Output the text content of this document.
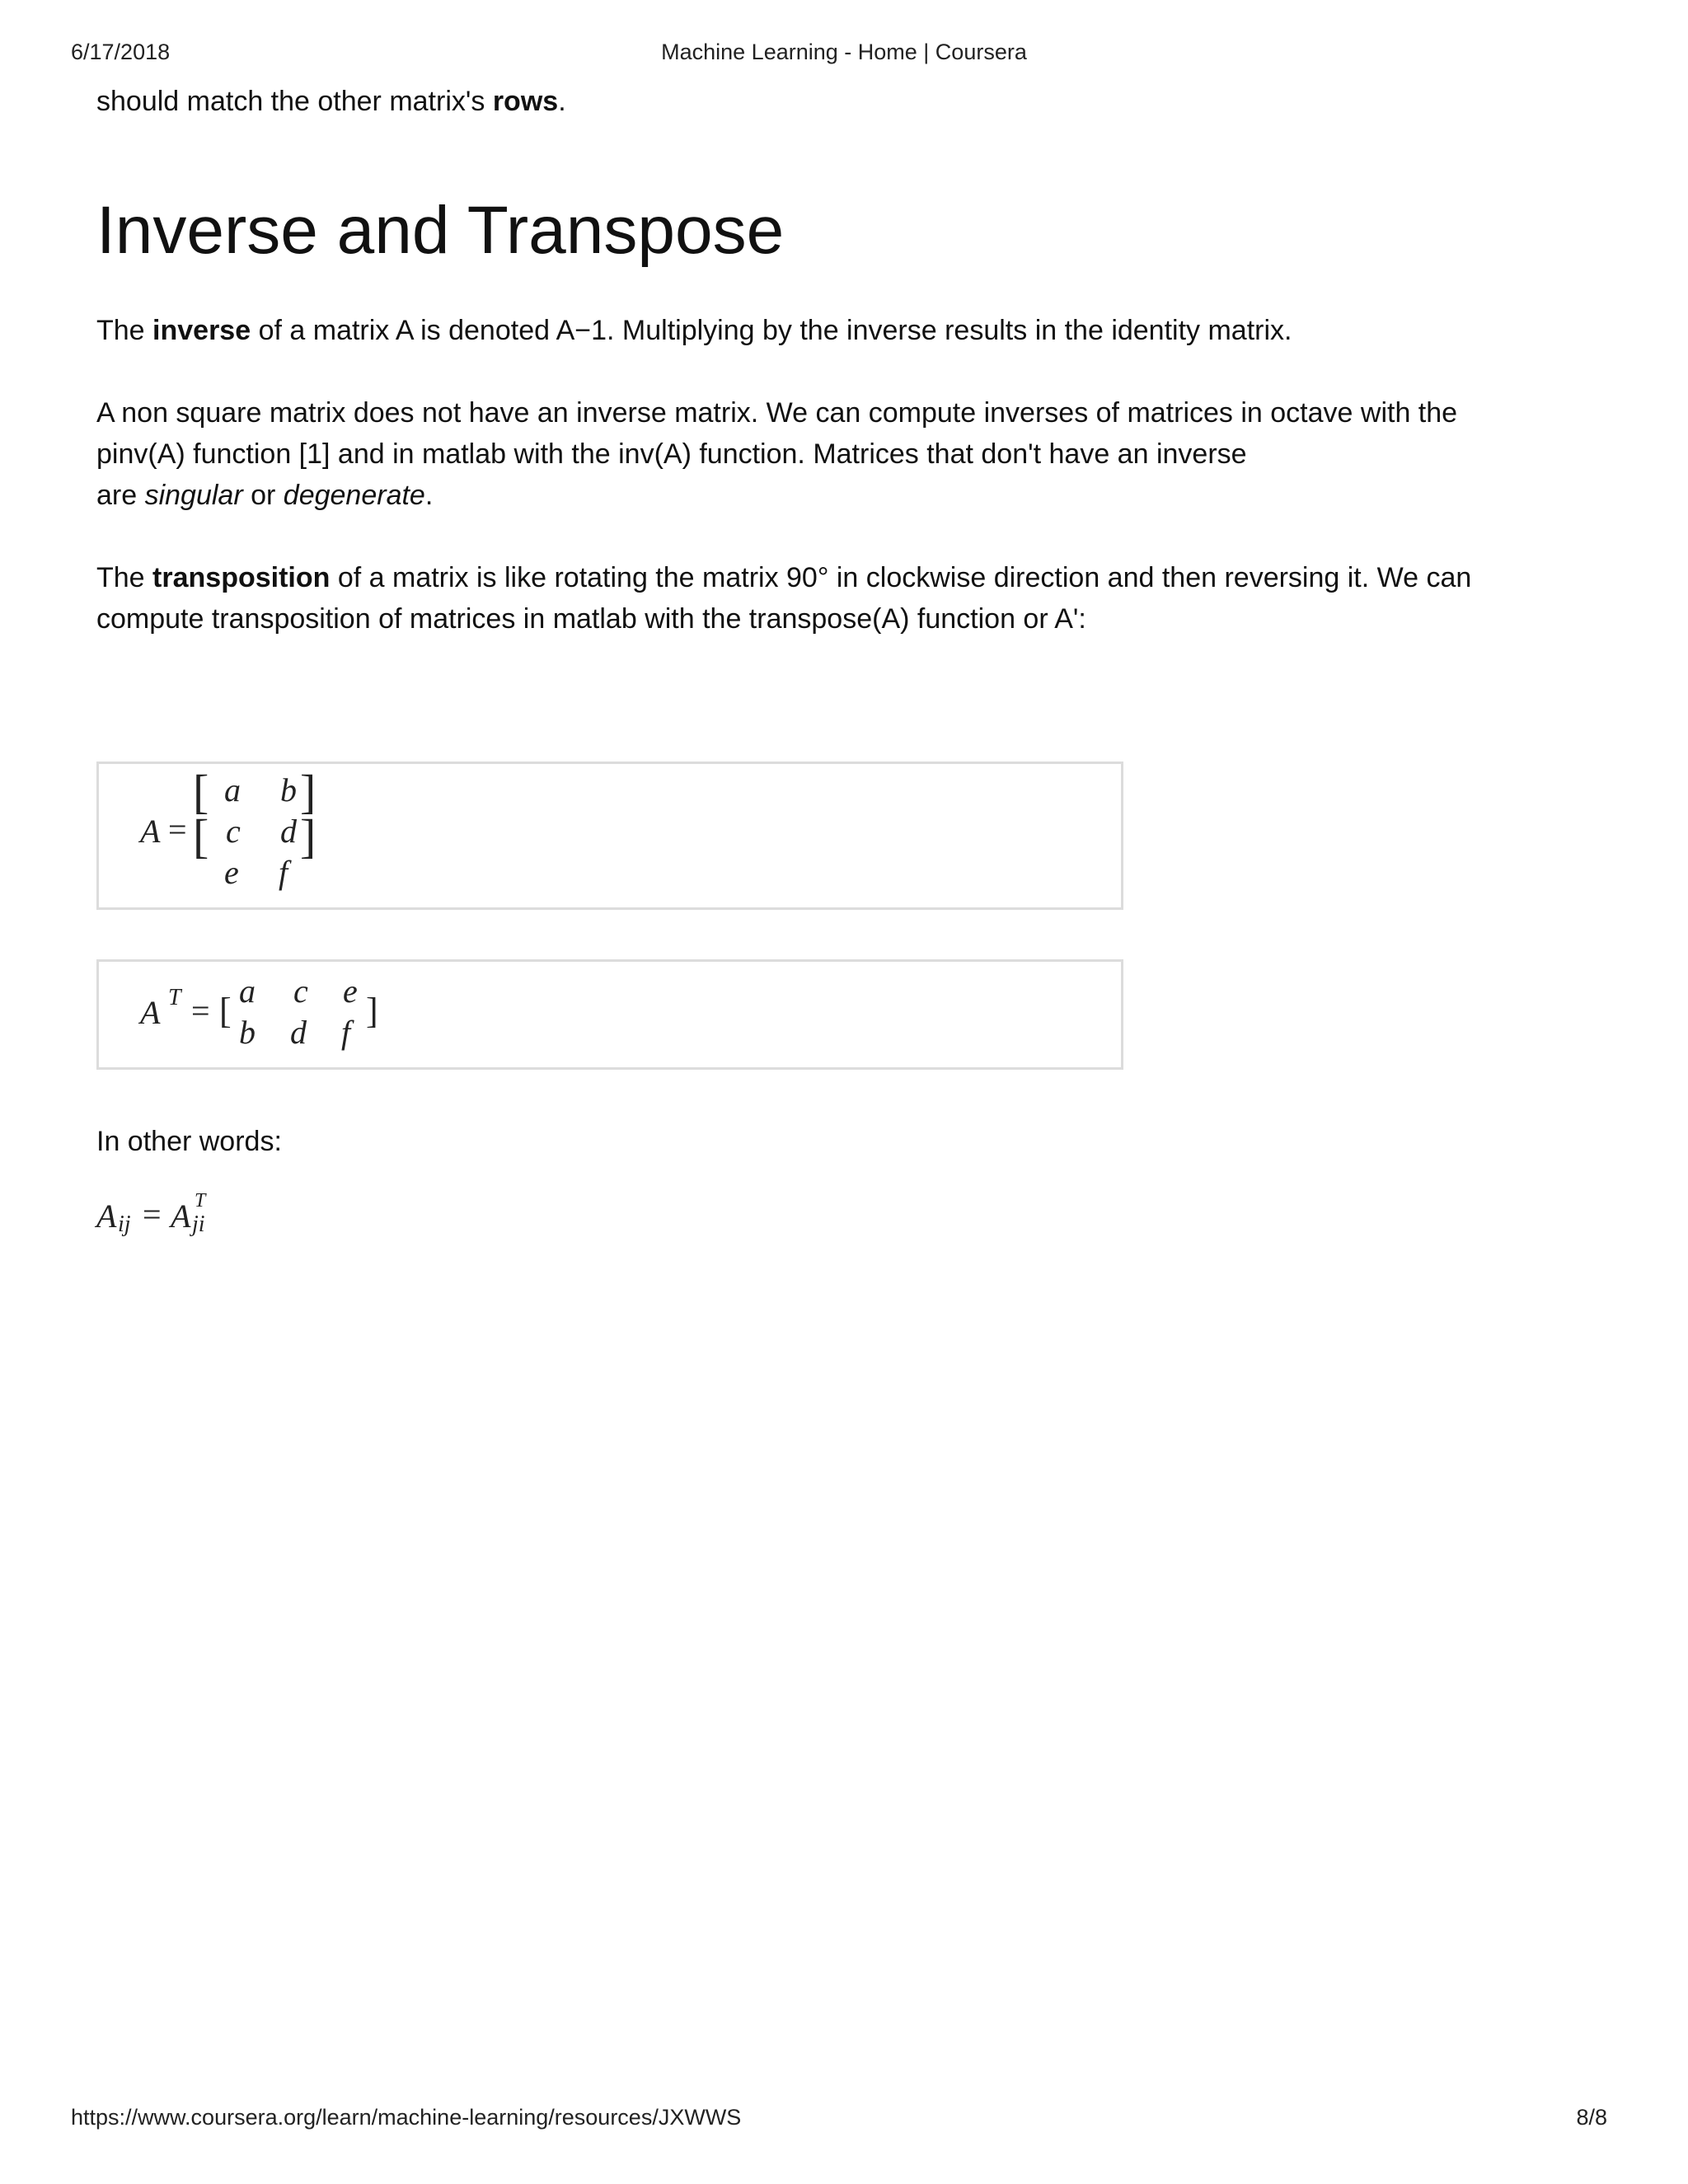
6/17/2018	Machine Learning - Home | Coursera

should match the other matrix's rows.

Inverse and Transpose

The inverse of a matrix A is denoted A−1. Multiplying by the inverse results in the identity matrix.

A non square matrix does not have an inverse matrix. We can compute inverses of matrices in octave with the
pinv(A) function [1] and in matlab with the inv(A) function. Matrices that don't have an inverse
are singular or degenerate.
The transposition of a matrix is like rotating the matrix 90° in clockwise direction and then reversing it. We can
compute transposition of matrices in matlab with the transpose(A) function or A':

In other words:

A =
[
[
a b
c d
e f
]
]
A T = [ a c e
b d f
]
A ij = A T
ji
https://www.coursera.org/learn/machine-learning/resources/JXWWS	8/8
